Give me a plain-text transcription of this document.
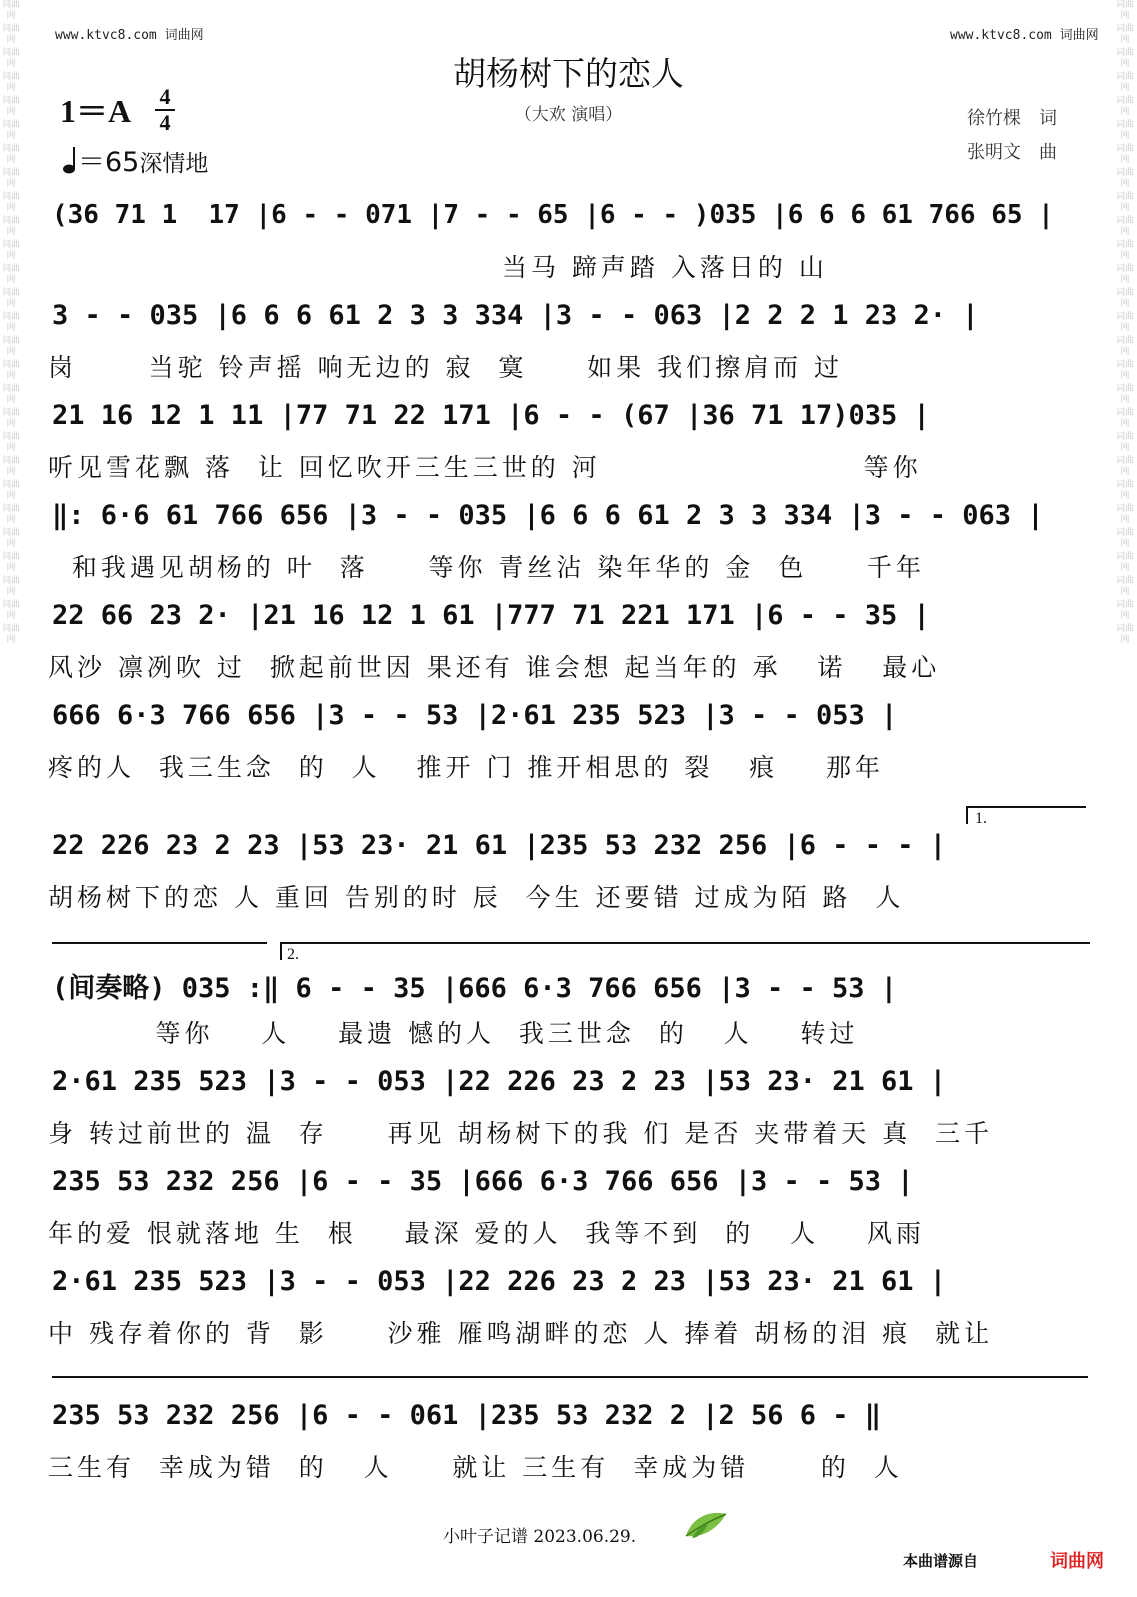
词曲网
词曲网
词曲网
词曲网
词曲网
词曲网
词曲网
词曲网
词曲网
词曲网
词曲网
词曲网
词曲网
词曲网
词曲网
词曲网
词曲网
词曲网
词曲网
词曲网
词曲网
词曲网
词曲网
词曲网
词曲网
词曲网
词曲网
词曲网
词曲网
词曲网
词曲网
词曲网
词曲网
词曲网
词曲网
词曲网
词曲网
词曲网
词曲网
词曲网
词曲网
词曲网
词曲网
词曲网
词曲网
词曲网
词曲网
词曲网
词曲网
词曲网
词曲网
词曲网
词曲网
词曲网
www.ktvc8.com 词曲网	www.ktvc8.com 词曲网
胡杨树下的恋人
（大欢 演唱）
1＝A 4
4
＝65深情地
徐竹棵　词
张明文　曲
(36 71 1  17 |6 - - 071 |7 - - 65 |6 - - )035 |6 6 6 61 766 65 |
当马 蹄声踏 入落日的 山
3 - - 035 |6 6 6 61 2 3 3 334 |3 - - 063 |2 2 2 1 23 2· |
岗      当驼 铃声摇 响无边的 寂  寞     如果 我们擦肩而 过
21 16 12 1 11 |77 71 22 171 |6 - - (67 |36 71 17)035 |
听见雪花飘 落  让 回忆吹开三生三世的 河                      等你
‖: 6·6 61 766 656 |3 - - 035 |6 6 6 61 2 3 3 334 |3 - - 063 |
和我遇见胡杨的 叶  落     等你 青丝沾 染年华的 金  色     千年
22 66 23 2· |21 16 12 1 61 |777 71 221 171 |6 - - 35 |
风沙 凛冽吹 过  掀起前世因 果还有 谁会想 起当年的 承   诺   最心
666 6·3 766 656 |3 - - 53 |2·61 235 523 |3 - - 053 |
疼的人  我三生念  的  人   推开 门 推开相思的 裂   痕    那年
22 226 23 2 23 |53 23· 21 61 |235 53 232 256 |6 - - - |
胡杨树下的恋 人 重回 告别的时 辰  今生 还要错 过成为陌 路  人
(间奏略) 035 :‖ 6 - - 35 |666 6·3 766 656 |3 - - 53 |
等你    人    最遗 憾的人  我三世念  的   人    转过
2·61 235 523 |3 - - 053 |22 226 23 2 23 |53 23· 21 61 |
身 转过前世的 温  存     再见 胡杨树下的我 们 是否 夹带着天 真  三千
235 53 232 256 |6 - - 35 |666 6·3 766 656 |3 - - 53 |
年的爱 恨就落地 生  根    最深 爱的人  我等不到  的   人    风雨
2·61 235 523 |3 - - 053 |22 226 23 2 23 |53 23· 21 61 |
中 残存着你的 背  影     沙雅 雁鸣湖畔的恋 人 捧着 胡杨的泪 痕  就让
235 53 232 256 |6 - - 061 |235 53 232 2 |2 56 6 - ‖
三生有  幸成为错  的   人     就让 三生有  幸成为错      的  人
1.
2.
小叶子记谱 2023.06.29.
本曲谱源自	词曲网
